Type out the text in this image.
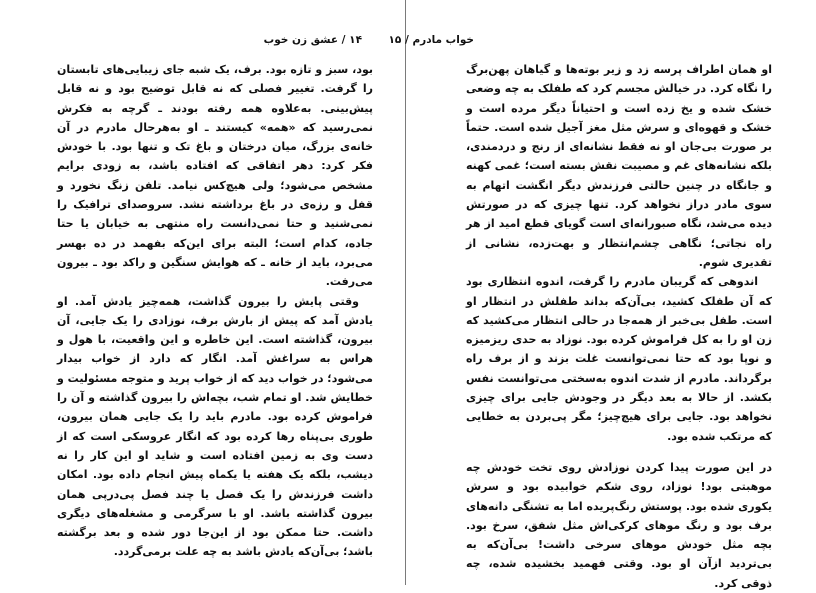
۱۴ / عشق زن خوب

بود، سبز و تازه بود. برف، یک شبه جای زیبایی‌های تابستان را گرفت. تغییر فصلی که نه قابل توضیح بود و نه قابل پیش‌بینی. به‌علاوه همه رفته بودند ـ گرچه به فکرش نمی‌رسید که «همه» کیستند ـ او به‌هرحال مادرم در آن خانه‌ی بزرگ، میان درختان و باغ تک و تنها بود. با خودش فکر کرد: دهر اتفاقی که افتاده باشد، به زودی برایم مشخص می‌شود؛ ولی هیچ‌کس نیامد. تلفن زنگ نخورد و قفل و رزه‌ی در باغ برداشته نشد. سروصدای ترافیک را نمی‌شنید و حتا نمی‌دانست راه منتهی به خیابان یا حتا جاده، کدام است؛ البته برای این‌که بفهمد در ده بهسر می‌برد، باید از خانه ـ که هوایش سنگین و راکد بود ـ بیرون می‌رفت.

وقتی پایش را بیرون گذاشت، همه‌چیز یادش آمد. او یادش آمد که پیش از بارش برف، نوزادی را یک جایی، آن بیرون، گذاشته است. این خاطره و این واقعیت، با هول و هراس به سراغش آمد. انگار که دارد از خواب بیدار می‌شود؛ در خواب دید که از خواب پرید و متوجه مسئولیت و خطایش شد. او تمام شب، بچه‌اش را بیرون گذاشته و آن را فراموش کرده بود. مادرم باید را یک جایی همان بیرون، طوری بی‌پناه رها کرده بود که انگار عروسکی است که از دست وی به زمین افتاده است و شاید او این کار را نه دیشب، بلکه یک هفته یا یکماه پیش انجام داده بود. امکان داشت فرزندش را یک فصل یا چند فصل پی‌درپی همان بیرون گذاشته باشد. او با سرگرمی و مشغله‌های دیگری داشت. حتا ممکن بود از این‌جا دور شده و بعد برگشته باشد؛ بی‌آن‌که یادش باشد به چه علت برمی‌گردد.

خواب مادرم / ۱۵

او همان اطراف پرسه زد و زیر بوته‌ها و گیاهان پهن‌برگ را نگاه کرد. در خیالش مجسم کرد که طفلک به چه وضعی خشک شده و یخ زده است و احتیاناً دیگر مرده است و خشک و قهوه‌ای و سرش مثل مغز آجیل شده است. حتماً بر صورت بی‌جان او نه فقط نشانه‌ای از رنج و دردمندی، بلکه نشانه‌های غم و مصیبت نقش بسته است؛ غمی کهنه و جانگاه در چنین حالتی فرزندش دیگر انگشت اتهام به سوی مادر دراز نخواهد کرد. تنها چیزی که در صورتش دیده می‌شد، نگاه صبورانه‌ای است گویای قطع امید از هر راه نجاتی؛ نگاهی چشم‌انتظار و بهت‌زده، نشانی از تقدیری شوم.

اندوهی که گریبان مادرم را گرفت، اندوه انتظاری بود که آن طفلک کشید، بی‌آن‌که بداند طفلش در انتظار او است. طفل بی‌خبر از همه‌جا در حالی انتظار می‌کشید که زن او را به کل فراموش کرده بود. نوزاد به حدی ریزمیزه و نوپا بود که حتا نمی‌توانست غلت بزند و از برف راه برگرداند. مادرم از شدت اندوه به‌سختی می‌توانست نفس بکشد. از حالا به بعد دیگر در وجودش جایی برای چیزی نخواهد بود. جایی برای هیچ‌چیز؛ مگر پی‌بردن به خطایی که مرتکب شده بود.

در این صورت پیدا کردن نوزادش روی تخت خودش چه موهبتی بود! نوزاد، روی شکم خوابیده بود و سرش یکوری شده بود. پوستش رنگ‌پریده اما به تشنگی دانه‌های برف بود و رنگ موهای کرکی‌اش مثل شفق، سرخ بود. بچه مثل خودش موهای سرخی داشت! بی‌آن‌که به بی‌تردید ازآن او بود. وقتی فهمید بخشیده شده، چه ذوقی کرد.
